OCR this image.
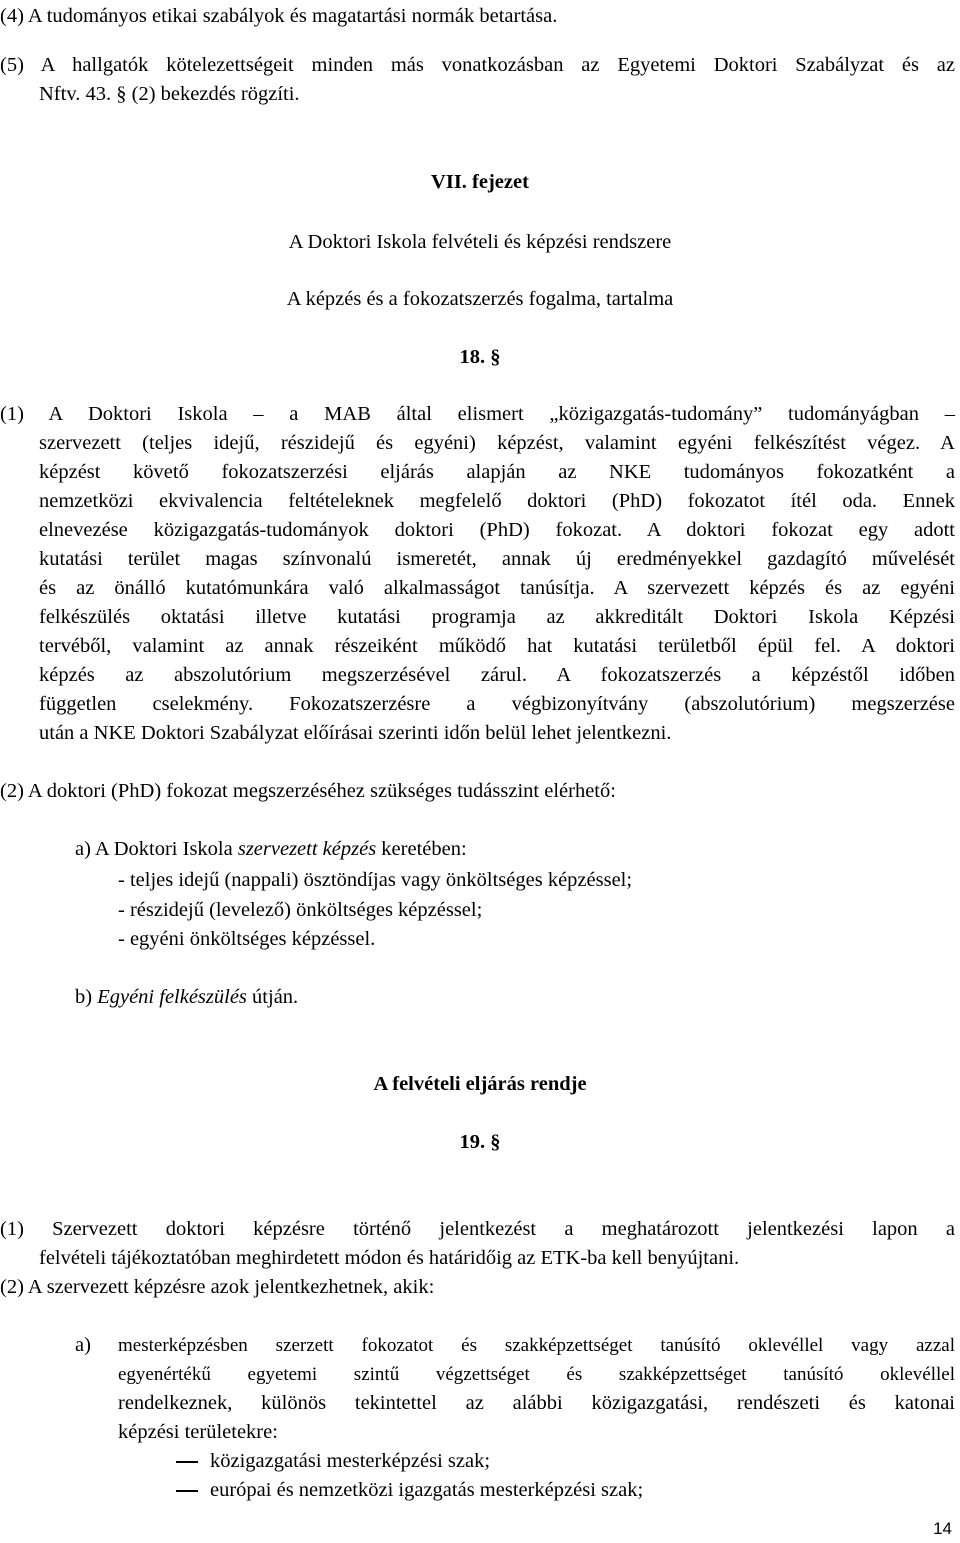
(4) A tudományos etikai szabályok és magatartási normák betartása.
(5) A hallgatók kötelezettségeit minden más vonatkozásban az Egyetemi Doktori Szabályzat és az
Nftv. 43. § (2) bekezdés rögzíti.
VII. fejezet
A Doktori Iskola felvételi és képzési rendszere
A képzés és a fokozatszerzés fogalma, tartalma
18. §
(1) A Doktori Iskola – a MAB által elismert „közigazgatás-tudomány” tudományágban –
szervezett (teljes idejű, részidejű és egyéni) képzést, valamint egyéni felkészítést végez. A
képzést követő fokozatszerzési eljárás alapján az NKE tudományos fokozatként a
nemzetközi ekvivalencia feltételeknek megfelelő doktori (PhD) fokozatot ítél oda. Ennek
elnevezése közigazgatás-tudományok doktori (PhD) fokozat. A doktori fokozat egy adott
kutatási terület magas színvonalú ismeretét, annak új eredményekkel gazdagító művelését
és az önálló kutatómunkára való alkalmasságot tanúsítja. A szervezett képzés és az egyéni
felkészülés oktatási illetve kutatási programja az akkreditált Doktori Iskola Képzési
tervéből, valamint az annak részeiként működő hat kutatási területből épül fel. A doktori
képzés az abszolutórium megszerzésével zárul. A fokozatszerzés a képzéstől időben
független cselekmény. Fokozatszerzésre a végbizonyítvány (abszolutórium) megszerzése
után a NKE Doktori Szabályzat előírásai szerinti időn belül lehet jelentkezni.
(2) A doktori (PhD) fokozat megszerzéséhez szükséges tudásszint elérhető:
a) A Doktori Iskola szervezett képzés keretében:
- teljes idejű (nappali) ösztöndíjas vagy önköltséges képzéssel;
- részidejű (levelező) önköltséges képzéssel;
- egyéni önköltséges képzéssel.
b) Egyéni felkészülés útján.
A felvételi eljárás rendje
19. §
(1) Szervezett doktori képzésre történő jelentkezést a meghatározott jelentkezési lapon a
felvételi tájékoztatóban meghirdetett módon és határidőig az ETK-ba kell benyújtani.
(2) A szervezett képzésre azok jelentkezhetnek, akik:
a) mesterképzésben szerzett fokozatot és szakképzettséget tanúsító oklevéllel vagy azzal
egyenértékű egyetemi szintű végzettséget és szakképzettséget tanúsító oklevéllel
rendelkeznek, különös tekintettel az alábbi közigazgatási, rendészeti és katonai
képzési területekre:
közigazgatási mesterképzési szak;
európai és nemzetközi igazgatás mesterképzési szak;
14
